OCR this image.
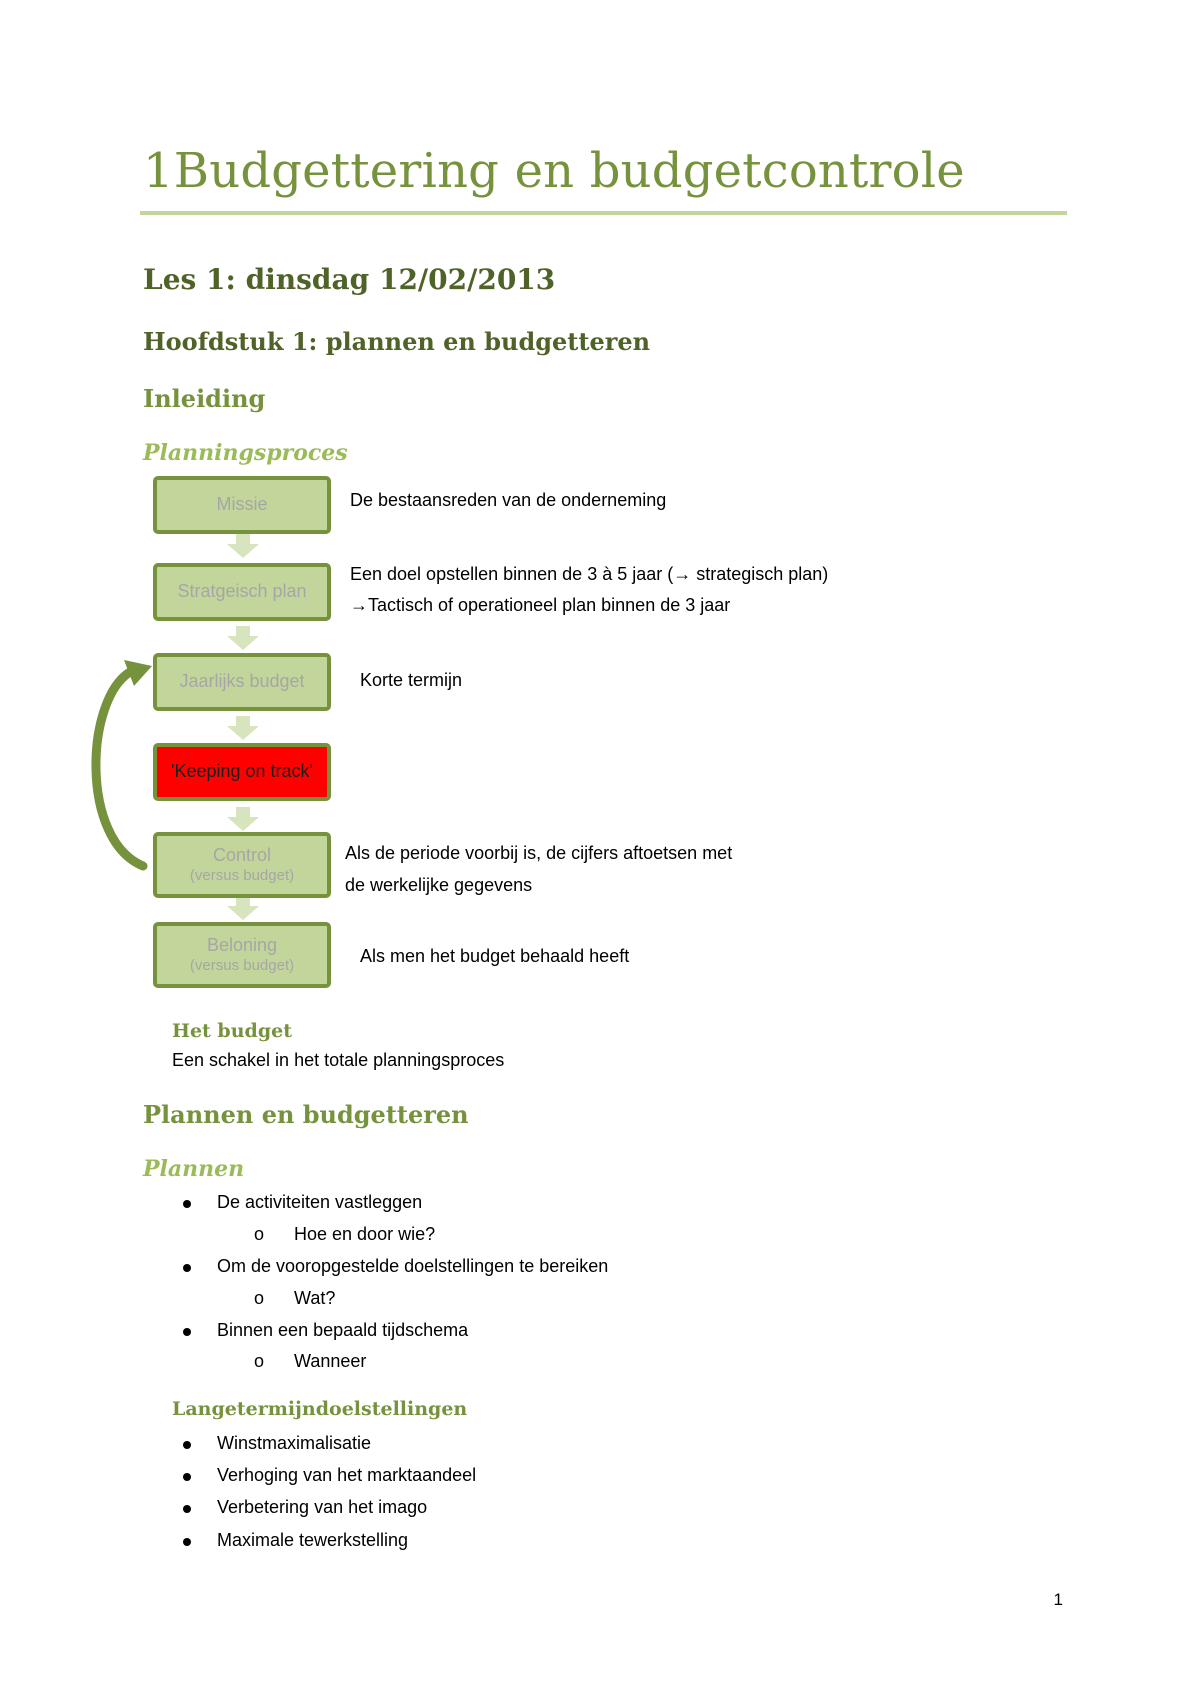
1Budgettering en budgetcontrole
Les 1: dinsdag 12/02/2013
Hoofdstuk 1: plannen en budgetteren
Inleiding
Planningsproces
Missie
Stratgeisch plan
Jaarlijks budget
'Keeping on track'
Control
(versus budget)
Beloning
(versus budget)
De bestaansreden van de onderneming
Een doel opstellen binnen de 3 à 5 jaar (→ strategisch plan)
→Tactisch of operationeel plan binnen de 3 jaar
Korte termijn
Als de periode voorbij is, de cijfers aftoetsen met
de werkelijke gegevens
Als men het budget behaald heeft
Het budget
Een schakel in het totale planningsproces
Plannen en budgetteren
Plannen
De activiteiten vastleggen
o Hoe en door wie?
Om de vooropgestelde doelstellingen te bereiken
o Wat?
Binnen een bepaald tijdschema
o Wanneer
Langetermijndoelstellingen
Winstmaximalisatie
Verhoging van het marktaandeel
Verbetering van het imago
Maximale tewerkstelling
1
